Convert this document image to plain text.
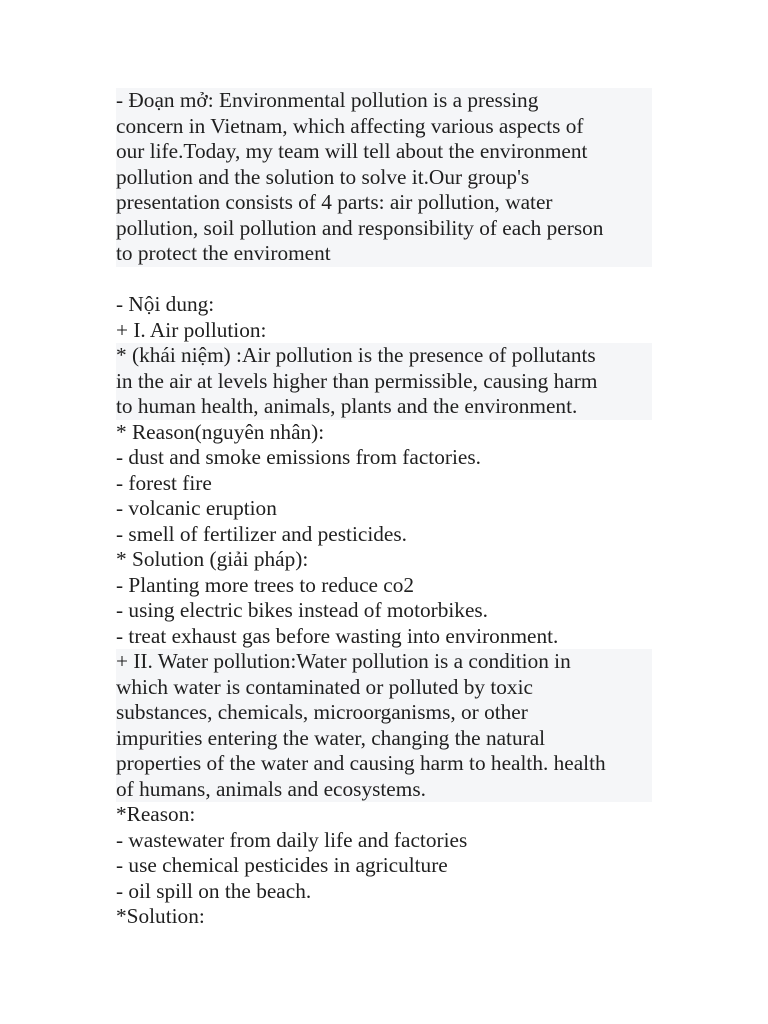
- Đoạn mở: Environmental pollution is a pressing
concern in Vietnam, which affecting various aspects of
our life.Today, my team will tell about the environment
pollution and the solution to solve it.Our group's
presentation consists of 4 parts: air pollution, water
pollution, soil pollution and responsibility of each person
to protect the enviroment
- Nội dung:
+ I. Air pollution:
* (khái niệm) :Air pollution is the presence of pollutants
in the air at levels higher than permissible, causing harm
to human health, animals, plants and the environment.
* Reason(nguyên nhân):
- dust and smoke emissions from factories.
- forest fire
- volcanic eruption
- smell of fertilizer and pesticides.
* Solution (giải pháp):
- Planting more trees to reduce co2
- using electric bikes instead of motorbikes.
- treat exhaust gas before wasting into environment.
+ II. Water pollution:Water pollution is a condition in
which water is contaminated or polluted by toxic
substances, chemicals, microorganisms, or other
impurities entering the water, changing the natural
properties of the water and causing harm to health. health
of humans, animals and ecosystems.
*Reason:
- wastewater from daily life and factories
- use chemical pesticides in agriculture
- oil spill on the beach.
*Solution:
